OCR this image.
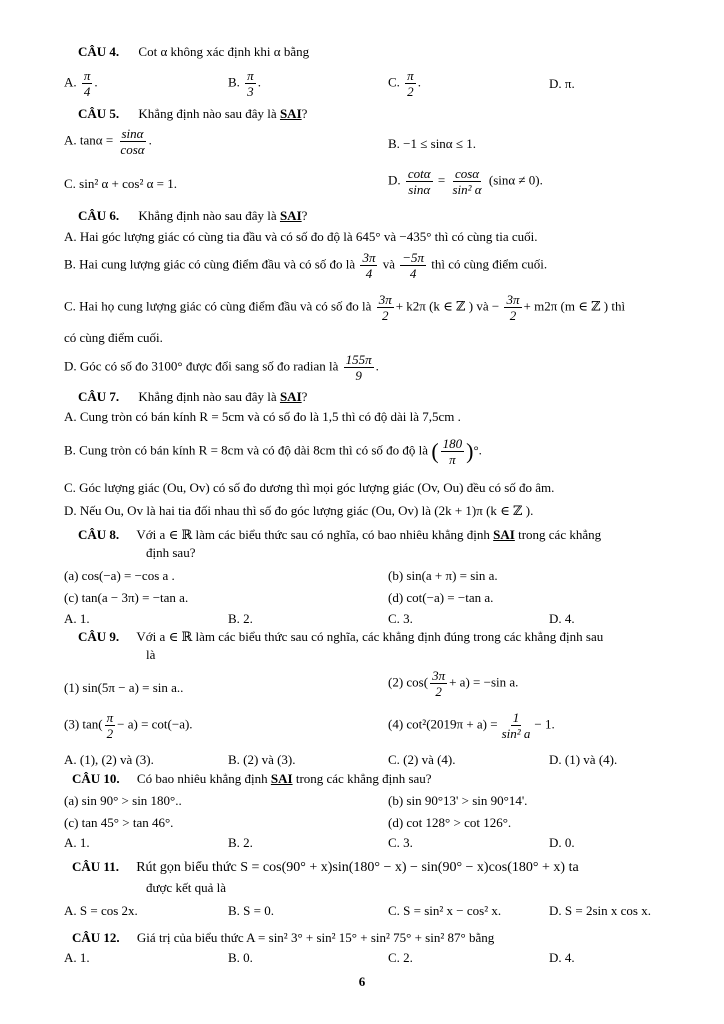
CÂU 4. Cot α không xác định khi α bằng
A. $\frac{\pi}{4}$ .	B. $\frac{\pi}{3}$ .	C. $\frac{\pi}{2}$ .	D. π.
CÂU 5. Khẳng định nào sau đây là SAI?
A. $\tan\alpha = \frac{\sin\alpha}{\cos\alpha}$ .	B. −1 ≤ sinα ≤ 1.
C. sin² α + cos² α = 1.	D. $\frac{\cot\alpha}{\sin\alpha} = \frac{\cos\alpha}{\text{sin² α}} (\sin\alpha \ne 0)$.
CÂU 6. Khẳng định nào sau đây là SAI?
A. Hai góc lượng giác có cùng tia đầu và có số đo độ là 645° và −435° thì có cùng tia cuối.
B. Hai cung lượng giác có cùng điểm đầu và có số đo là $\frac{3\pi}{4}$ và $\frac{-5\pi}{4}$ thì có cùng điểm cuối.
C. Hai họ cung lượng giác có cùng điểm đầu và có số đo là $\frac{3\pi}{2} + k2\pi$ (k ∈ ℤ ) và − $\frac{3\pi}{2} + m2\pi$ (m ∈ ℤ ) thì
có cùng điểm cuối.
D. Góc có số đo 3100° được đổi sang số đo radian là $\frac{155\pi}{9}$ .
CÂU 7. Khẳng định nào sau đây là SAI?
A. Cung tròn có bán kính R = 5cm và có số đo là 1,5 thì có độ dài là 7,5cm .
B. Cung tròn có bán kính R = 8cm và có độ dài 8cm thì có số đo độ là ( $\frac{180}{\pi}$ )°.
C. Góc lượng giác (Ou, Ov) có số đo dương thì mọi góc lượng giác (Ov, Ou) đều có số đo âm.
D. Nếu Ou, Ov là hai tia đối nhau thì số đo góc lượng giác (Ou, Ov) là (2k + 1)π (k ∈ ℤ ).
CÂU 8. Với a ∈ ℝ làm các biểu thức sau có nghĩa, có bao nhiêu khẳng định SAI trong các khẳng
định sau?
(a) cos(−a) = −cos a .	(b) sin(a + π) = sin a.
(c) tan(a − 3π) = −tan a.	(d) cot(−a) = −tan a.
A. 1.	B. 2.	C. 3.	D. 4.
CÂU 9. Với a ∈ ℝ làm các biểu thức sau có nghĩa, các khẳng định đúng trong các khẳng định sau
là
(1) sin(5π − a) = sin a..	(2) $\cos( \frac{3\pi}{2} + a) = -\sin$ a.
(3) $\tan( \frac{\pi}{2} - a) = \cot(-a)$.	(4) $\cot^2(2019\pi + a) = \frac{1}{\text{sin² a}} - 1$.
A. (1), (2) và (3).	B. (2) và (3).	C. (2) và (4).	D. (1) và (4).
CÂU 10. Có bao nhiêu khẳng định SAI trong các khẳng định sau?
(a) sin 90° > sin 180°..	(b) sin 90°13' > sin 90°14'.
(c) tan 45° > tan 46°.	(d) cot 128° > cot 126°.
A. 1.	B. 2.	C. 3.	D. 0.
CÂU 11. Rút gọn biểu thức S = cos(90° + x)sin(180° − x) − sin(90° − x)cos(180° + x) ta
được kết quả là
A. S = cos 2x.	B. S = 0.	C. S = sin² x − cos² x.	D. S = 2sin x cos x.
CÂU 12. Giá trị của biểu thức A = sin² 3° + sin² 15° + sin² 75° + sin² 87° bằng
A. 1.	B. 0.	C. 2.	D. 4.
6
